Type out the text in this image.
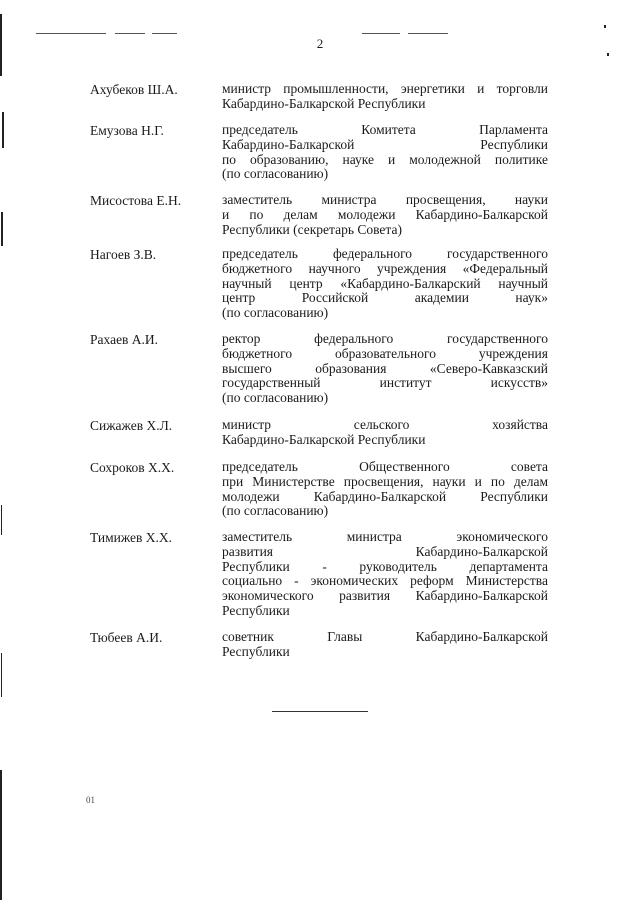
2
Ахубеков Ш.А.	министр промышленности, энергетики и торговли
Кабардино-Балкарской Республики
Емузова Н.Г.	председатель Комитета Парламента
Кабардино-Балкарской Республики
по образованию, науке и молодежной политике
(по согласованию)
Мисостова Е.Н.	заместитель министра просвещения, науки
и по делам молодежи Кабардино-Балкарской
Республики (секретарь Совета)
Нагоев З.В.	председатель федерального государственного
бюджетного научного учреждения «Федеральный
научный центр «Кабардино-Балкарский научный
центр Российской академии наук»
(по согласованию)
Рахаев А.И.	ректор федерального государственного
бюджетного образовательного учреждения
высшего образования «Северо-Кавказский
государственный институт искусств»
(по согласованию)
Сижажев Х.Л.	министр сельского хозяйства
Кабардино-Балкарской Республики
Сохроков Х.Х.	председатель Общественного совета
при Министерстве просвещения, науки и по делам
молодежи Кабардино-Балкарской Республики
(по согласованию)
Тимижев Х.Х.	заместитель министра экономического
развития Кабардино-Балкарской
Республики - руководитель департамента
социально - экономических реформ Министерства
экономического развития Кабардино-Балкарской
Республики
Тюбеев А.И.	советник Главы Кабардино-Балкарской
Республики
01
